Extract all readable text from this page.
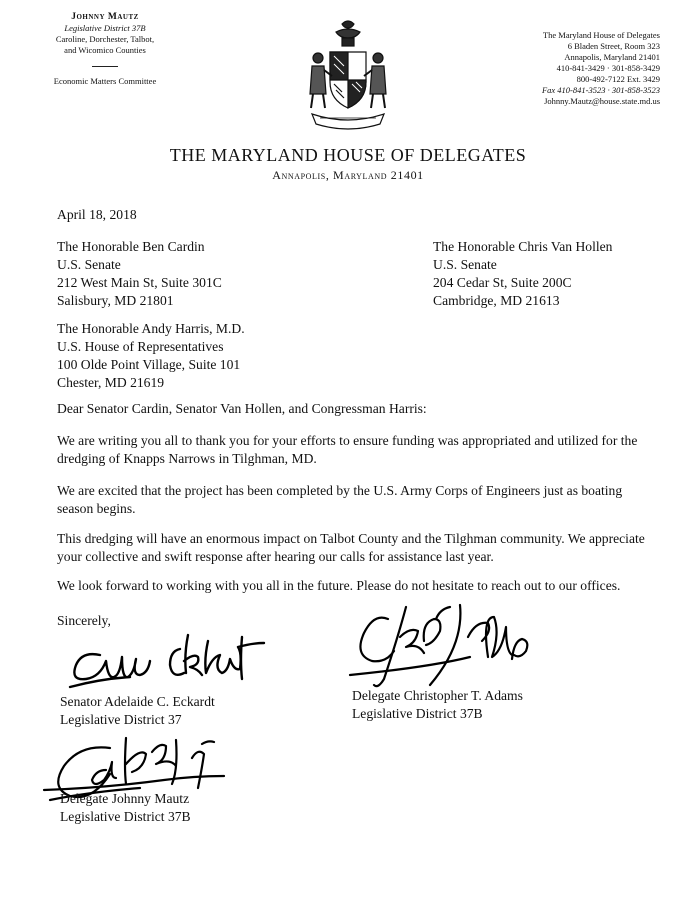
Johnny Mautz
Legislative District 37B
Caroline, Dorchester, Talbot,
and Wicomico Counties
Economic Matters Committee
The Maryland House of Delegates
6 Bladen Street, Room 323
Annapolis, Maryland 21401
410-841-3429 · 301-858-3429
800-492-7122 Ext. 3429
Fax 410-841-3523 · 301-858-3523
Johnny.Mautz@house.state.md.us
THE MARYLAND HOUSE OF DELEGATES
Annapolis, Maryland 21401
April 18, 2018
The Honorable Ben Cardin
U.S. Senate
212 West Main St, Suite 301C
Salisbury, MD 21801
The Honorable Chris Van Hollen
U.S. Senate
204 Cedar St, Suite 200C
Cambridge, MD 21613
The Honorable Andy Harris, M.D.
U.S. House of Representatives
100 Olde Point Village, Suite 101
Chester, MD 21619
Dear Senator Cardin, Senator Van Hollen, and Congressman Harris:
We are writing you all to thank you for your efforts to ensure funding was appropriated and utilized for the dredging of Knapps Narrows in Tilghman, MD.
We are excited that the project has been completed by the U.S. Army Corps of Engineers just as boating season begins.
This dredging will have an enormous impact on Talbot County and the Tilghman community. We appreciate your collective and swift response after hearing our calls for assistance last year.
We look forward to working with you all in the future. Please do not hesitate to reach out to our offices.
Sincerely,
Senator Adelaide C. Eckardt
Legislative District 37
Delegate Christopher T. Adams
Legislative District 37B
Delegate Johnny Mautz
Legislative District 37B
